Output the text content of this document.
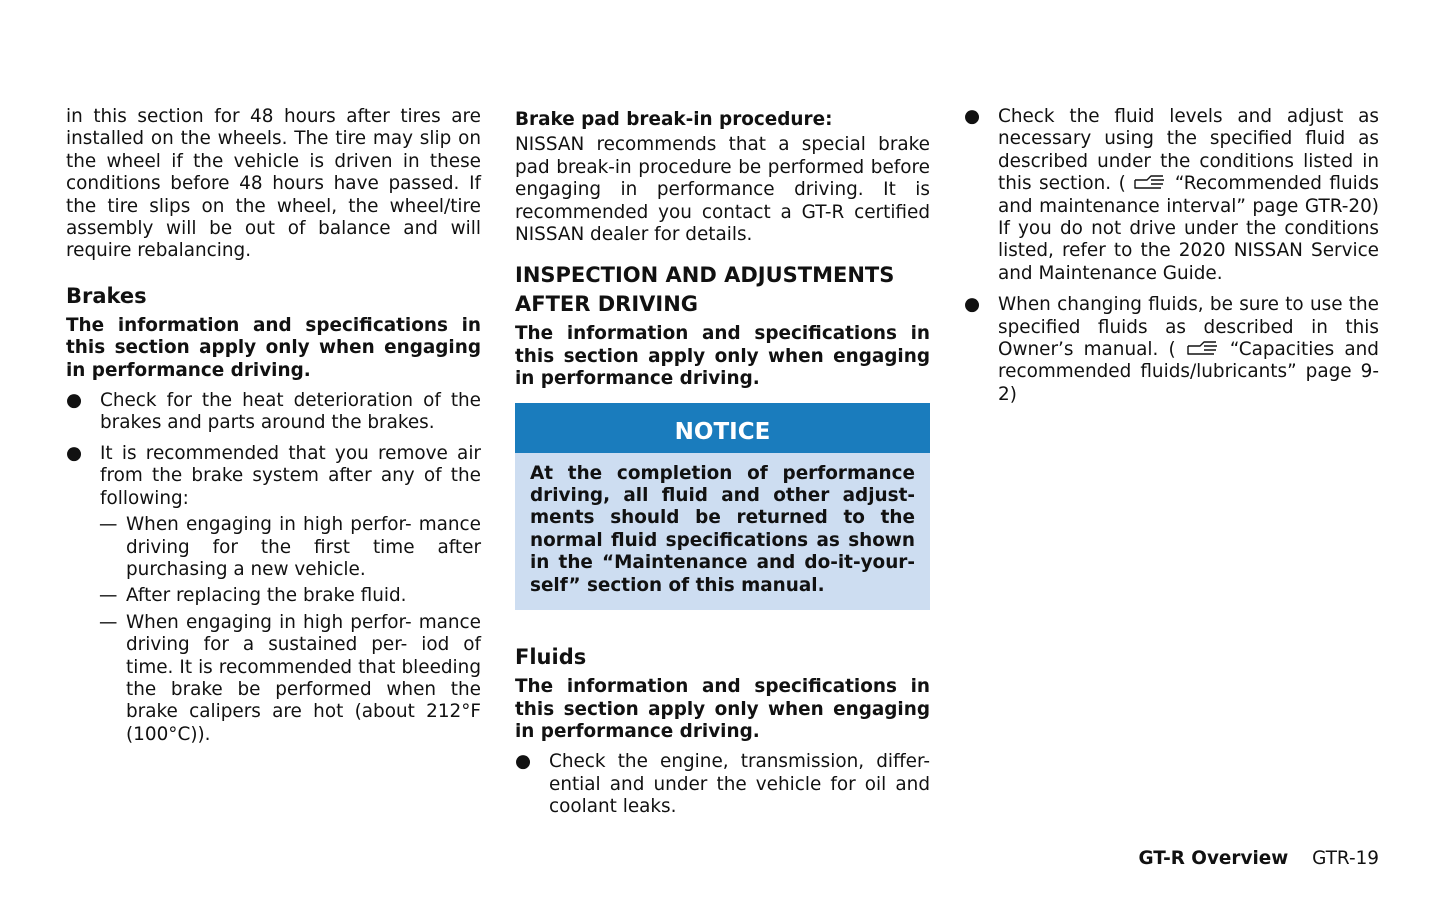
in this section for 48 hours after tires are installed on the wheels. The tire may slip on the wheel if the vehicle is driven in these conditions before 48 hours have passed. If the tire slips on the wheel, the wheel/tire assembly will be out of balance and will require rebalancing.

Brakes

The information and specifications in this section apply only when engaging in performance driving.

● Check for the heat deterioration of the brakes and parts around the brakes.
● It is recommended that you remove air from the brake system after any of the following:
— When engaging in high perfor- mance driving for the first time after purchasing a new vehicle.
— After replacing the brake fluid.
— When engaging in high perfor- mance driving for a sustained per- iod of time. It is recommended that bleeding the brake be performed when the brake calipers are hot (about 212°F (100°C)).

Brake pad break-in procedure:

NISSAN recommends that a special brake pad break-in procedure be performed before engaging in performance driving. It is recommended you contact a GT-R certified NISSAN dealer for details.

INSPECTION AND ADJUSTMENTS AFTER DRIVING

The information and specifications in this section apply only when engaging in performance driving.

NOTICE
At the completion of performance driving, all fluid and other adjust- ments should be returned to the normal fluid specifications as shown in the “Maintenance and do-it-your- self” section of this manual.
Fluids

The information and specifications in this section apply only when engaging in performance driving.

● Check the engine, transmission, differ- ential and under the vehicle for oil and coolant leaks.
● Check the fluid levels and adjust as necessary using the specified fluid as described under the conditions listed in this section. (	“Recommended fluids and maintenance interval” page GTR-20) If you do not drive under the conditions listed, refer to the 2020 NISSAN Service and Maintenance Guide.
● When changing fluids, be sure to use the specified fluids as described in this Owner’s manual. (	“Capacities and recommended fluids/lubricants” page 9-2)
GT-R Overview GTR-19
